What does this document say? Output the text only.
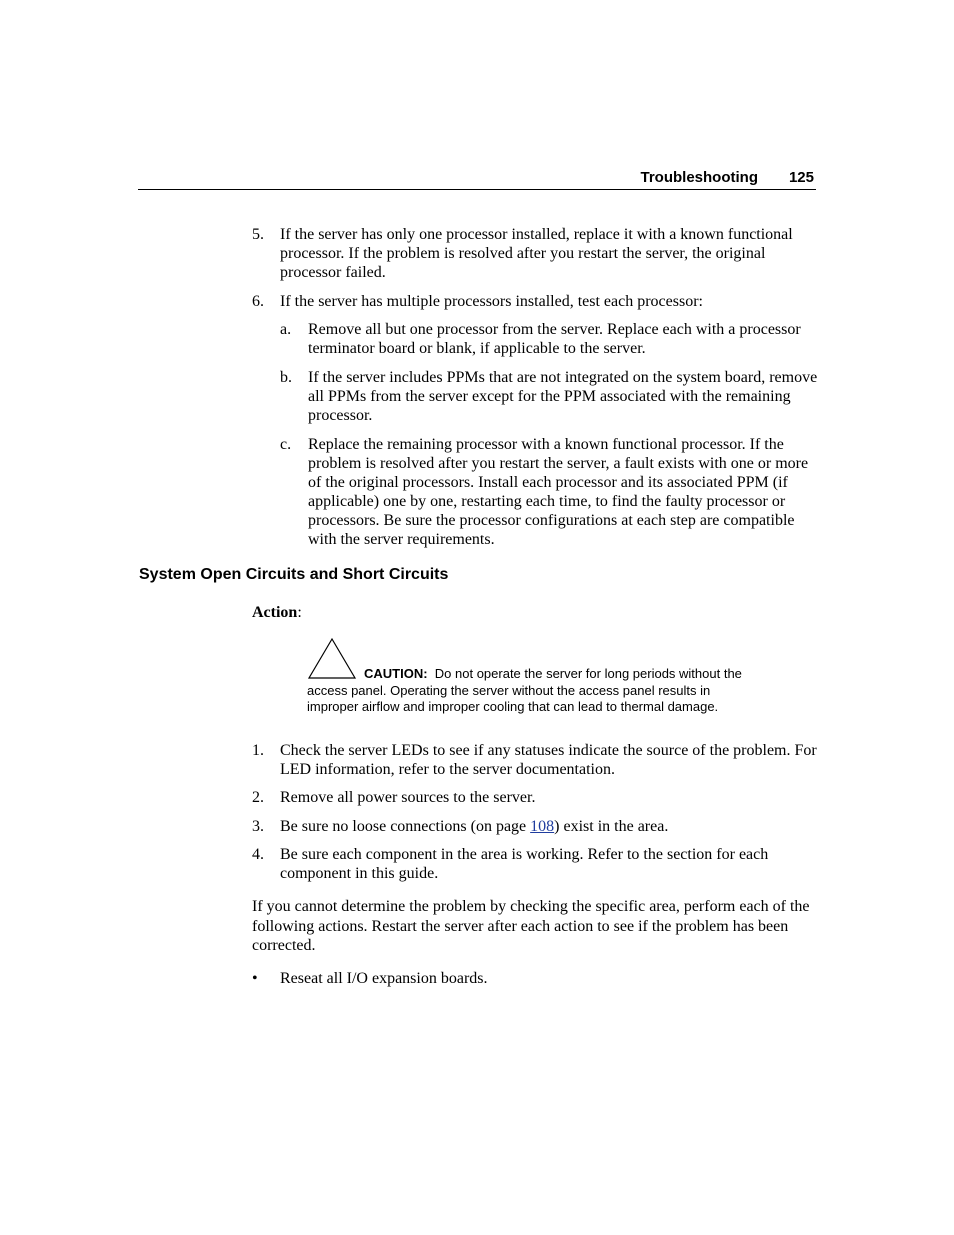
Troubleshooting 125
5. If the server has only one processor installed, replace it with a known functional processor. If the problem is resolved after you restart the server, the original processor failed.
6. If the server has multiple processors installed, test each processor:
a. Remove all but one processor from the server. Replace each with a processor terminator board or blank, if applicable to the server.
b. If the server includes PPMs that are not integrated on the system board, remove all PPMs from the server except for the PPM associated with the remaining processor.
c. Replace the remaining processor with a known functional processor. If the problem is resolved after you restart the server, a fault exists with one or more of the original processors. Install each processor and its associated PPM (if applicable) one by one, restarting each time, to find the faulty processor or processors. Be sure the processor configurations at each step are compatible with the server requirements.
System Open Circuits and Short Circuits
Action:
CAUTION: Do not operate the server for long periods without the access panel. Operating the server without the access panel results in improper airflow and improper cooling that can lead to thermal damage.
1. Check the server LEDs to see if any statuses indicate the source of the problem. For LED information, refer to the server documentation.
2. Remove all power sources to the server.
3. Be sure no loose connections (on page 108) exist in the area.
4. Be sure each component in the area is working. Refer to the section for each component in this guide.
If you cannot determine the problem by checking the specific area, perform each of the following actions. Restart the server after each action to see if the problem has been corrected.
• Reseat all I/O expansion boards.
